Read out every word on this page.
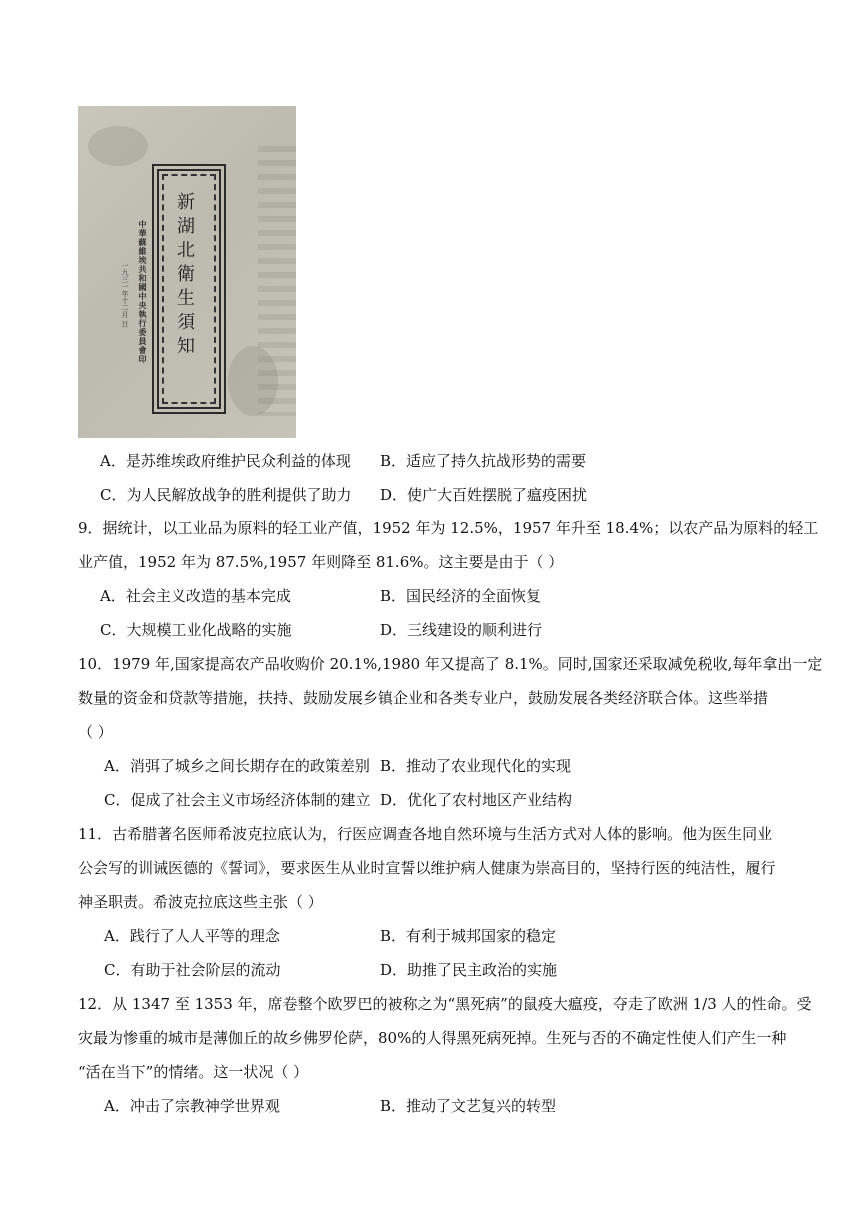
新湖北衛生須知
中華蘇維埃共和國中央執行委員會印
一九三一年十二月 日
A．是苏维埃政府维护民众利益的体现 B．适应了持久抗战形势的需要
C．为人民解放战争的胜利提供了助力 D．使广大百姓摆脱了瘟疫困扰
9．据统计，以工业品为原料的轻工业产值，1952 年为 12.5%，1957 年升至 18.4%；以农产品为原料的轻工
业产值，1952 年为 87.5%,1957 年则降至 81.6%。这主要是由于（ ）
A．社会主义改造的基本完成	B．国民经济的全面恢复
C．大规模工业化战略的实施	D．三线建设的顺利进行
10．1979 年,国家提高农产品收购价 20.1%,1980 年又提高了 8.1%。同时,国家还采取减免税收,每年拿出一定
数量的资金和贷款等措施，扶持、鼓励发展乡镇企业和各类专业户，鼓励发展各类经济联合体。这些举措
（ ）
A．消弭了城乡之间长期存在的政策差别 B．推动了农业现代化的实现
C．促成了社会主义市场经济体制的建立 D．优化了农村地区产业结构
11．古希腊著名医师希波克拉底认为，行医应调查各地自然环境与生活方式对人体的影响。他为医生同业
公会写的训诫医德的《誓词》，要求医生从业时宣誓以维护病人健康为崇高目的，坚持行医的纯洁性，履行
神圣职责。希波克拉底这些主张（ ）
A．践行了人人平等的理念	B．有利于城邦国家的稳定
C．有助于社会阶层的流动	D．助推了民主政治的实施
12．从 1347 至 1353 年，席卷整个欧罗巴的被称之为“黑死病”的鼠疫大瘟疫，夺走了欧洲 1/3 人的性命。受
灾最为惨重的城市是薄伽丘的故乡佛罗伦萨，80%的人得黑死病死掉。生死与否的不确定性使人们产生一种
“活在当下”的情绪。这一状况（ ）
A．冲击了宗教神学世界观	B．推动了文艺复兴的转型
